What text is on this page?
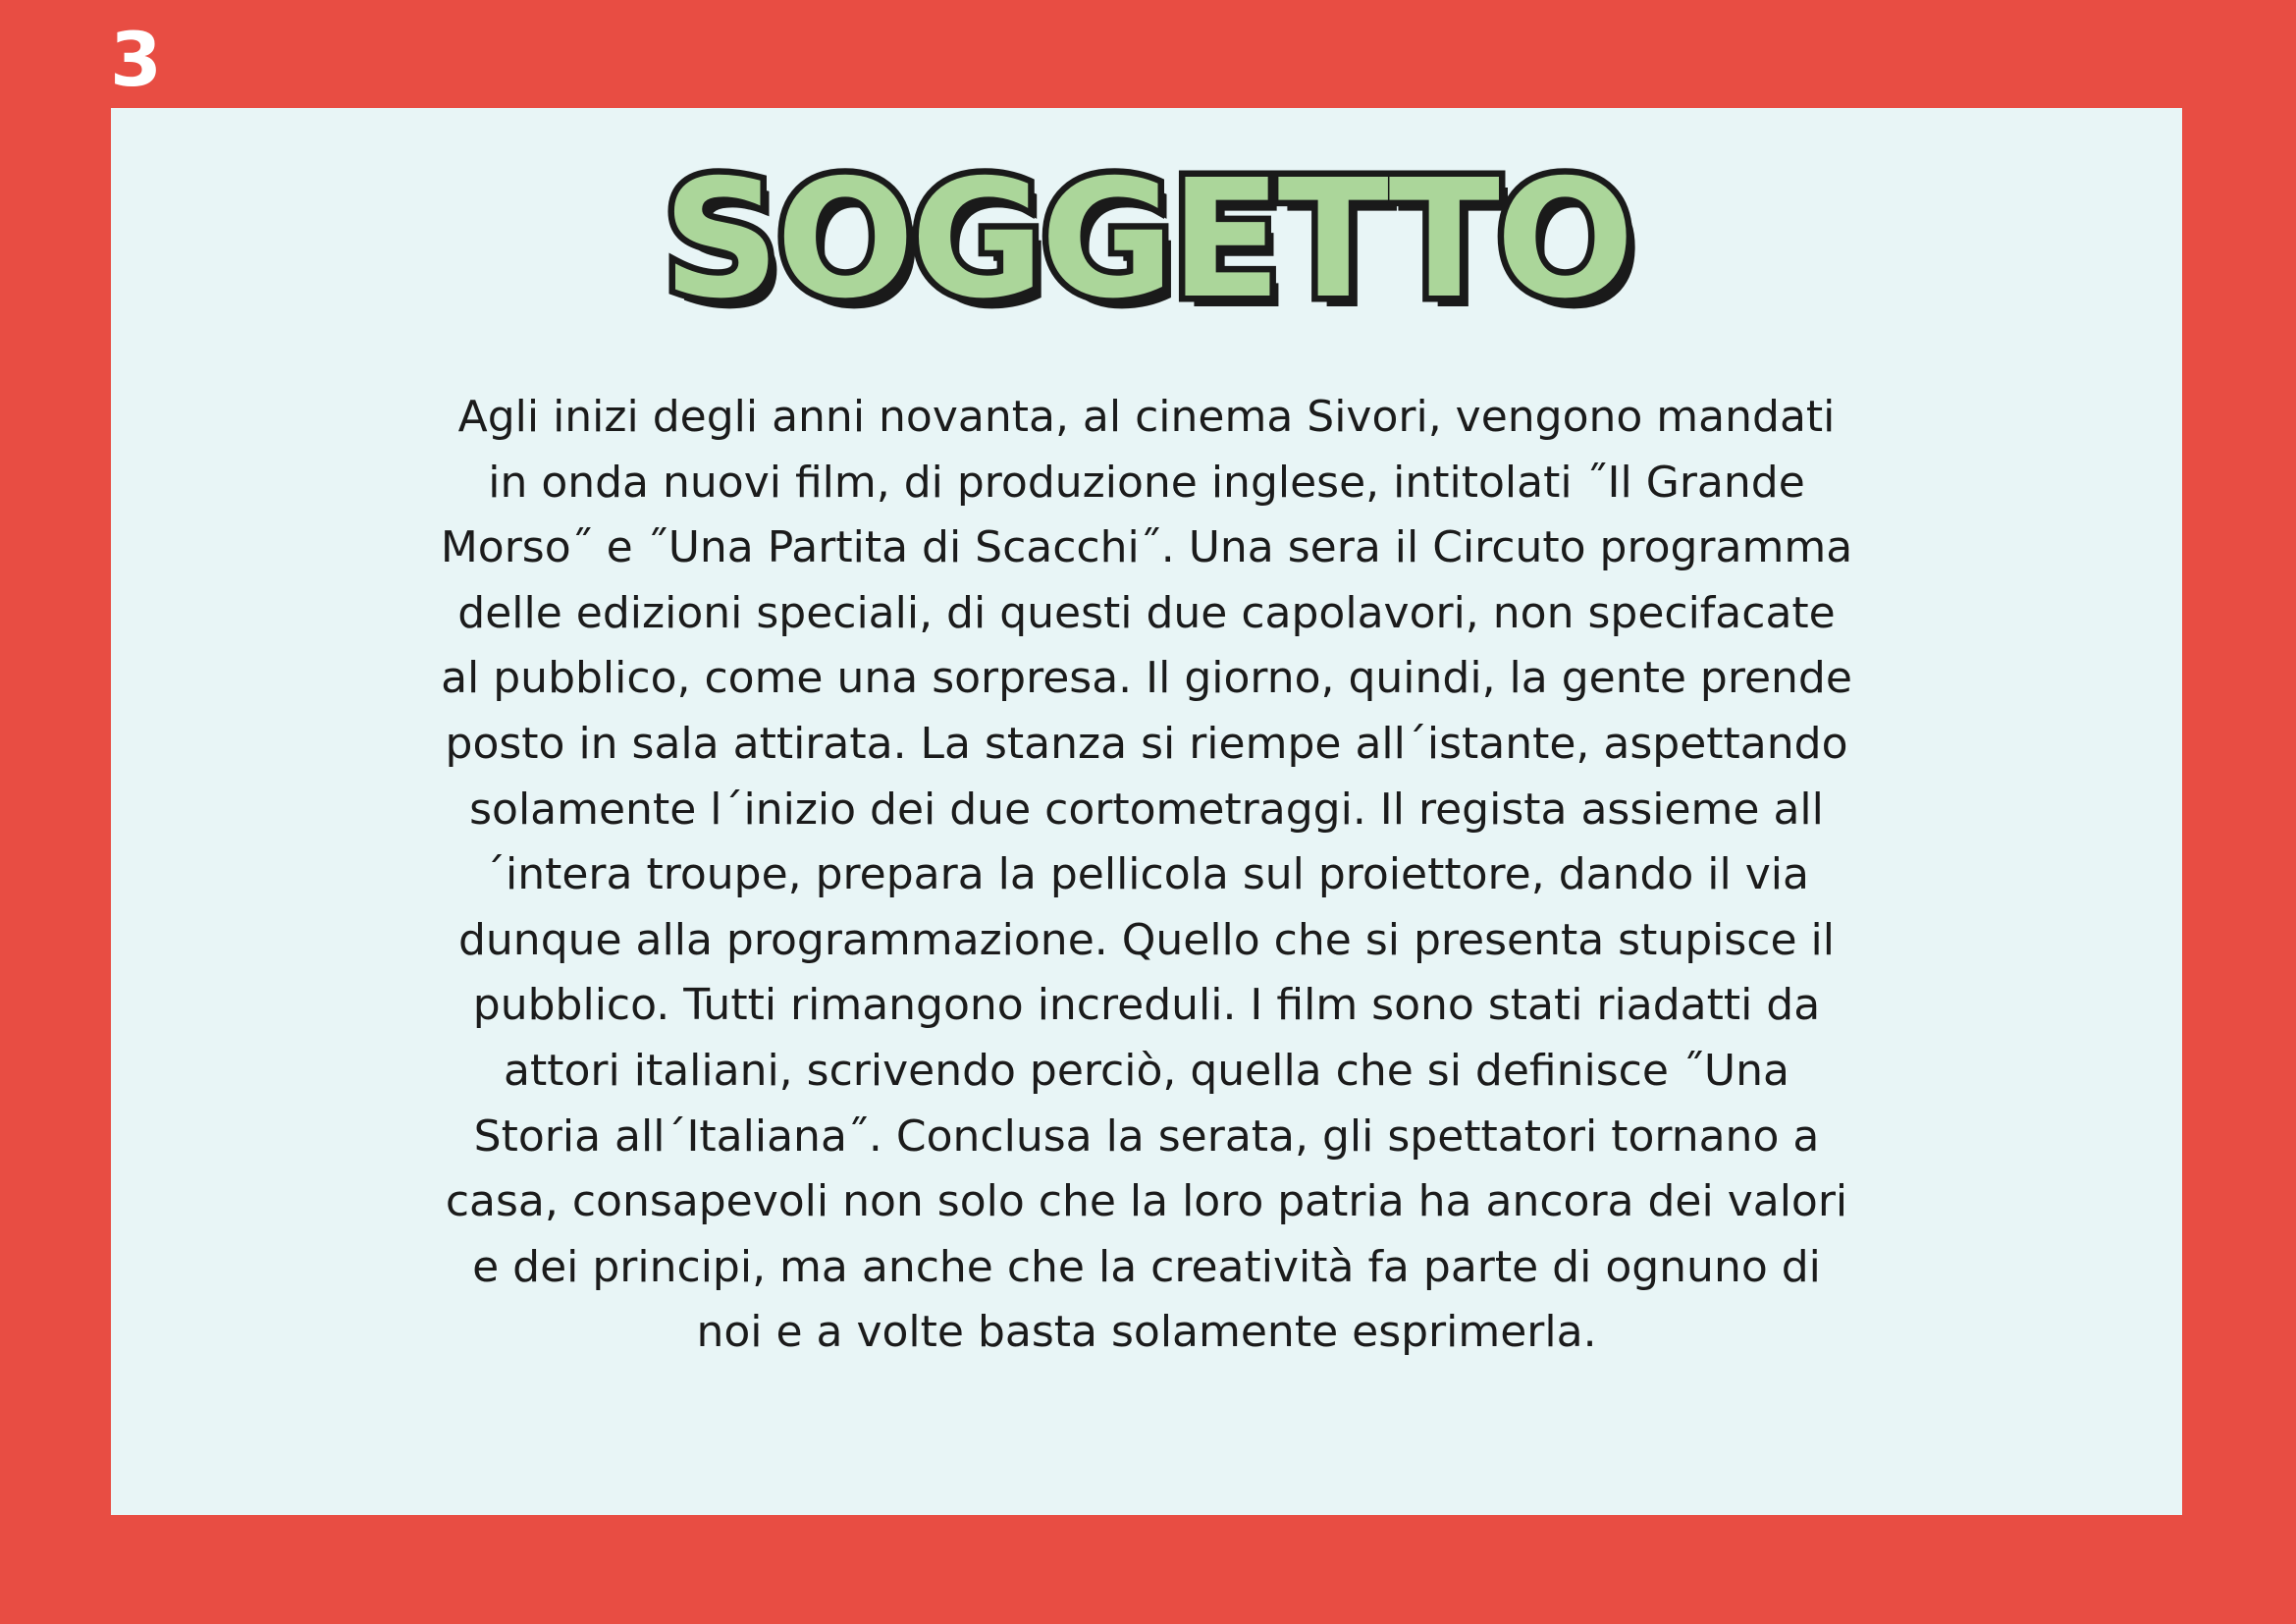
3
SOGGETTO

Agli inizi degli anni novanta, al cinema Sivori, vengono mandati in onda nuovi film, di produzione inglese, intitolati ˝Il Grande Morso˝ e ˝Una Partita di Scacchi˝. Una sera il Circuto programma delle edizioni speciali, di questi due capolavori, non specifacate al pubblico, come una sorpresa. Il giorno, quindi, la gente prende posto in sala attirata. La stanza si riempe all´istante, aspettando solamente l´inizio dei due cortometraggi. Il regista assieme all´intera troupe, prepara la pellicola sul proiettore, dando il via dunque alla programmazione. Quello che si presenta stupisce il pubblico. Tutti rimangono increduli. I film sono stati riadatti da attori italiani, scrivendo perciò, quella che si definisce ˝Una Storia all´Italiana˝. Conclusa la serata, gli spettatori tornano a casa, consapevoli non solo che la loro patria ha ancora dei valori e dei principi, ma anche che la creatività fa parte di ognuno di noi e a volte basta solamente esprimerla.
